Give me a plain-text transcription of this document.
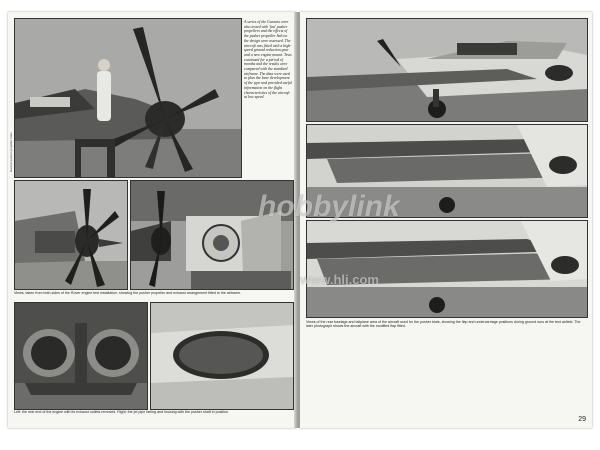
A series of the Gannets were also tested with 'fan' pusher propellers and the effects of the pusher propeller hub on the design were assessed. The aircraft was fitted with a high-speed ground reduction gear and a new engine mount. Tests continued for a period of months and the results were compared with the standard airframe. The data were used to plan the later development of the type and provided useful information on the flight characteristics of the aircraft at low speed.
Gannet pusher propeller trials
Views, taken from both sides of the Rover engine test installation, showing the pusher propeller and exhaust arrangement fitted to the airframe.
Left: the rear end of the engine with its exhaust outlets removed. Right: the jet pipe fairing and housing with the pusher shaft in position.
Views of the rear fuselage and tailplane area of the aircraft used for the pusher trials, showing the flap and undercarriage positions during ground runs at the test airfield. The later photograph shows the aircraft with the modified flap fitted.
29
hobbylink
www.hlj.com
